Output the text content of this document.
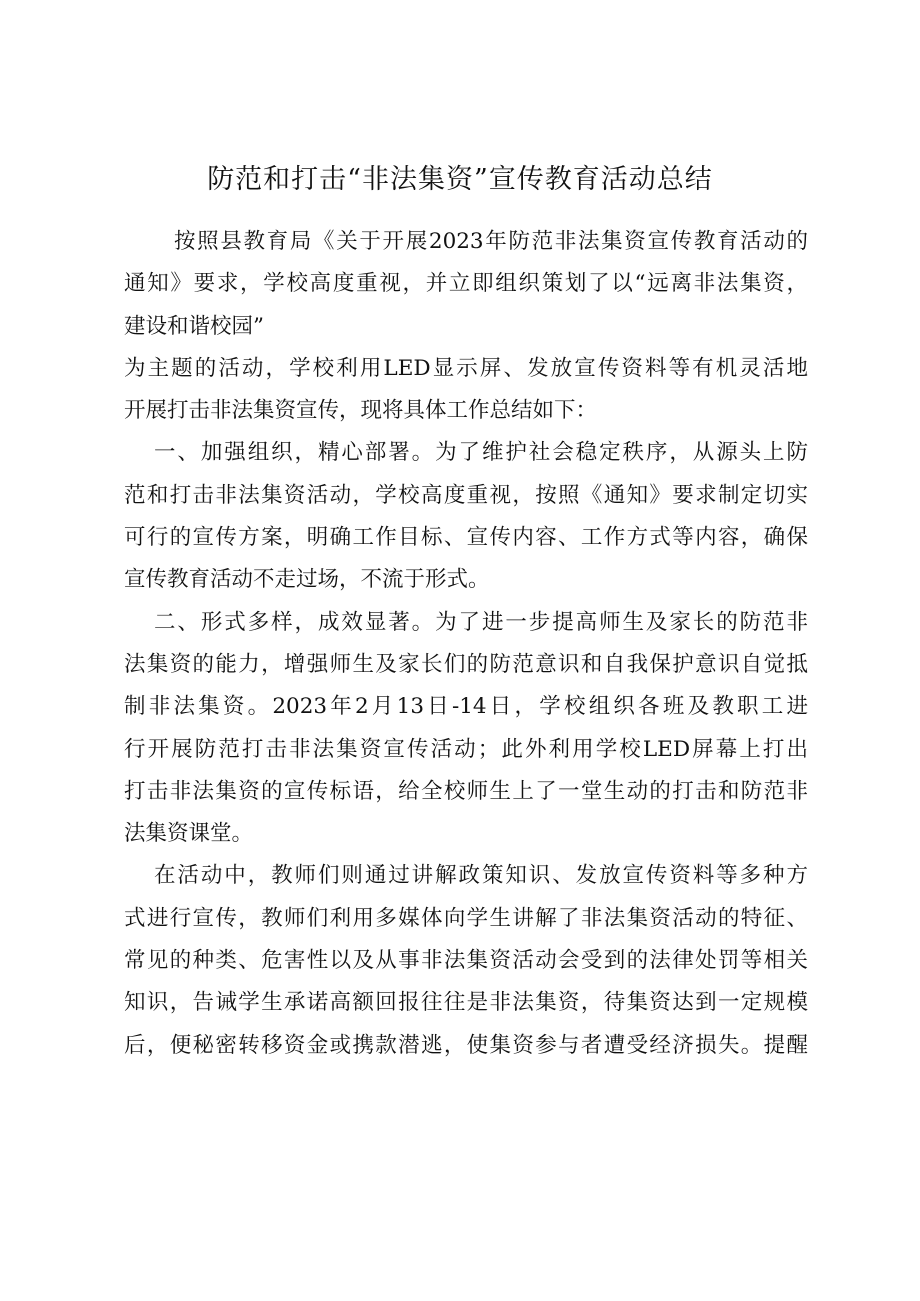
防范和打击“非法集资”宣传教育活动总结
按照县教育局《关于开展2023年防范非法集资宣传教育活动的
通知》要求，学校高度重视，并立即组织策划了以“远离非法集资，
建设和谐校园”
为主题的活动，学校利用LED显示屏、发放宣传资料等有机灵活地
开展打击非法集资宣传，现将具体工作总结如下：
一、加强组织，精心部署。为了维护社会稳定秩序，从源头上防
范和打击非法集资活动，学校高度重视，按照《通知》要求制定切实
可行的宣传方案，明确工作目标、宣传内容、工作方式等内容，确保
宣传教育活动不走过场，不流于形式。
二、形式多样，成效显著。为了进一步提高师生及家长的防范非
法集资的能力，增强师生及家长们的防范意识和自我保护意识自觉抵
制非法集资。2023年2月13日-14日，学校组织各班及教职工进
行开展防范打击非法集资宣传活动；此外利用学校LED屏幕上打出
打击非法集资的宣传标语，给全校师生上了一堂生动的打击和防范非
法集资课堂。
在活动中，教师们则通过讲解政策知识、发放宣传资料等多种方
式进行宣传，教师们利用多媒体向学生讲解了非法集资活动的特征、
常见的种类、危害性以及从事非法集资活动会受到的法律处罚等相关
知识，告诫学生承诺高额回报往往是非法集资，待集资达到一定规模
后，便秘密转移资金或携款潜逃，使集资参与者遭受经济损失。提醒
